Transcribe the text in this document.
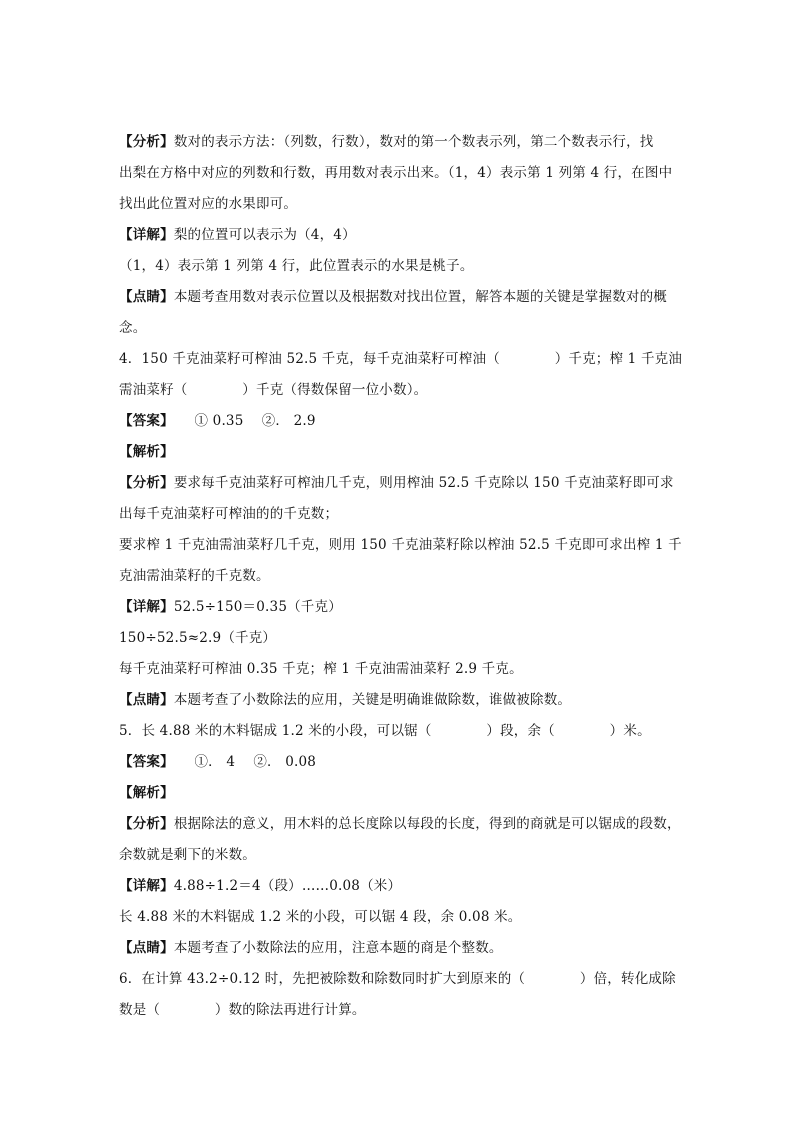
【分析】数对的表示方法：（列数，行数），数对的第一个数表示列，第二个数表示行，找
出梨在方格中对应的列数和行数，再用数对表示出来。（1，4）表示第 1 列第 4 行，在图中
找出此位置对应的水果即可。
【详解】梨的位置可以表示为（4，4）
（1，4）表示第 1 列第 4 行，此位置表示的水果是桃子。
【点睛】本题考查用数对表示位置以及根据数对找出位置，解答本题的关键是掌握数对的概
念。
4．150 千克油菜籽可榨油 52.5 千克，每千克油菜籽可榨油（　　　　）千克；榨 1 千克油
需油菜籽（　　　　）千克（得数保留一位小数）。
【答案】　　① 0.35　 ②． 2.9
【解析】
【分析】要求每千克油菜籽可榨油几千克，则用榨油 52.5 千克除以 150 千克油菜籽即可求
出每千克油菜籽可榨油的的千克数；
要求榨 1 千克油需油菜籽几千克，则用 150 千克油菜籽除以榨油 52.5 千克即可求出榨 1 千
克油需油菜籽的千克数。
【详解】52.5÷150＝0.35（千克）
150÷52.5≈2.9（千克）
每千克油菜籽可榨油 0.35 千克；榨 1 千克油需油菜籽 2.9 千克。
【点睛】本题考查了小数除法的应用，关键是明确谁做除数，谁做被除数。
5．长 4.88 米的木料锯成 1.2 米的小段，可以锯（　　　　）段，余（　　　　）米。
【答案】　　①． 4　 ②． 0.08
【解析】
【分析】根据除法的意义，用木料的总长度除以每段的长度，得到的商就是可以锯成的段数，
余数就是剩下的米数。
【详解】4.88÷1.2＝4（段）……0.08（米）
长 4.88 米的木料锯成 1.2 米的小段，可以锯 4 段，余 0.08 米。
【点睛】本题考查了小数除法的应用，注意本题的商是个整数。
6．在计算 43.2÷0.12 时，先把被除数和除数同时扩大到原来的（　　　　）倍，转化成除
数是（　　　　）数的除法再进行计算。
